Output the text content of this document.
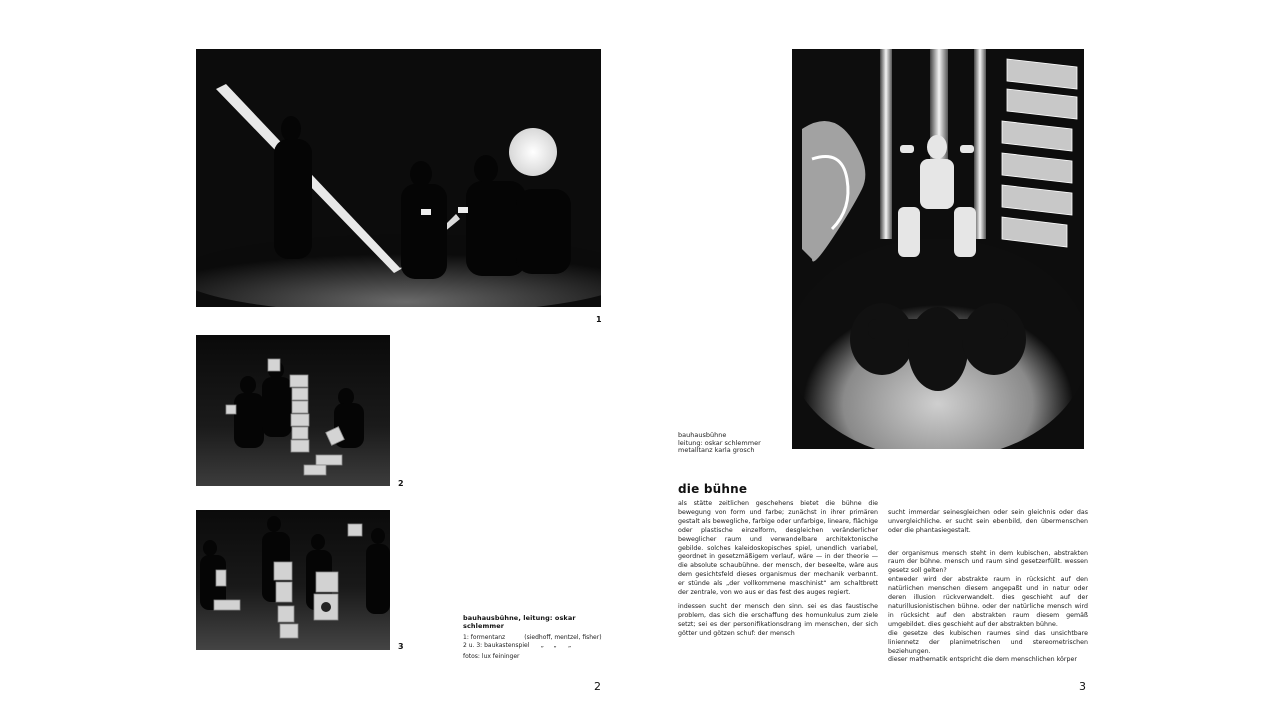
1
2
3
bauhausbühne, leitung: oskar schlemmer
1: formentanz          (siedhoff, mentzel, fisher)
2 u. 3: baukastenspiel      „     „      „
fotos: lux feininger
2
bauhausbühne
leitung: oskar schlemmer
metalltanz karla grosch
die bühne

als stätte zeitlichen geschehens bietet die bühne die bewegung von form und farbe; zunächst in ihrer primären gestalt als bewegliche, farbige oder unfarbige, lineare, flächige oder plastische einzelform, desgleichen veränderlicher beweglicher raum und verwandelbare architektonische gebilde. solches kaleidoskopisches spiel, unendlich variabel, geordnet in gesetzmäßigem verlauf, wäre — in der theorie — die absolute schaubühne. der mensch, der beseelte, wäre aus dem gesichtsfeld dieses organismus der mechanik verbannt. er stünde als „der vollkommene maschinist“ am schaltbrett der zentrale, von wo aus er das fest des auges regiert.

indessen sucht der mensch den sinn. sei es das faustische problem, das sich die erschaffung des homunkulus zum ziele setzt; sei es der personifikationsdrang im menschen, der sich götter und götzen schuf: der mensch

sucht immerdar seinesgleichen oder sein gleichnis oder das unvergleichliche. er sucht sein ebenbild, den übermenschen oder die phantasiegestalt.

der organismus mensch steht in dem kubischen, abstrakten raum der bühne. mensch und raum sind gesetzerfüllt. wessen gesetz soll gelten?
entweder wird der abstrakte raum in rücksicht auf den natürlichen menschen diesem angepaßt und in natur oder deren illusion rückverwandelt. dies geschieht auf der naturillusionistischen bühne. oder der natürliche mensch wird in rücksicht auf den abstrakten raum diesem gemäß umgebildet. dies geschieht auf der abstrakten bühne.
die gesetze des kubischen raumes sind das unsichtbare liniennetz der planimetrischen und stereometrischen beziehungen.
dieser mathematik entspricht die dem menschlichen körper

3
